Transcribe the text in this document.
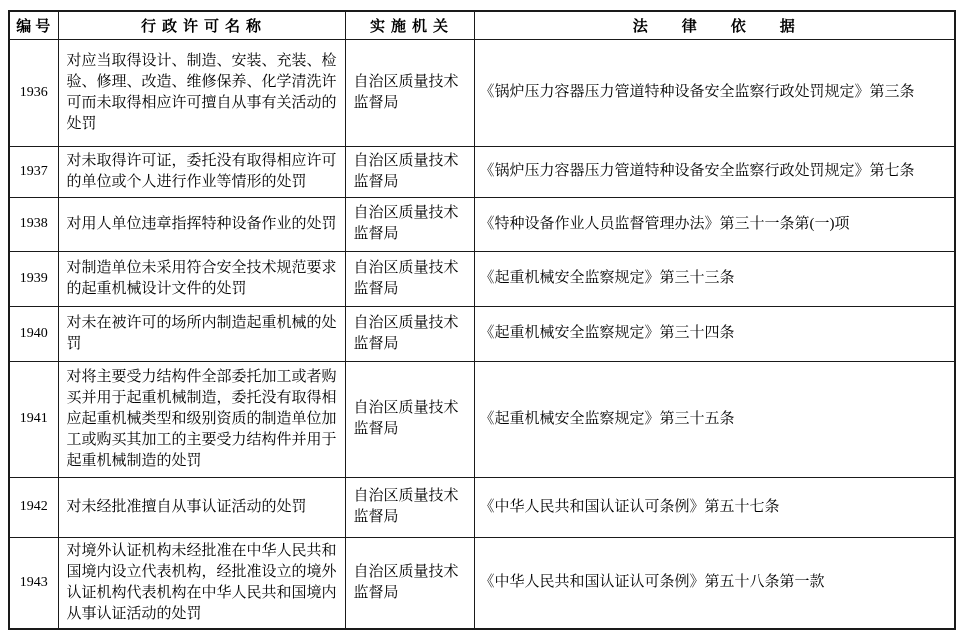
编号	行政许可名称	实施机关	法律依据
1936	对应当取得设计、制造、安装、充装、检验、修理、改造、维修保养、化学清洗许可而未取得相应许可擅自从事有关活动的处罚	自治区质量技术监督局	《锅炉压力容器压力管道特种设备安全监察行政处罚规定》第三条
1937	对未取得许可证，委托没有取得相应许可的单位或个人进行作业等情形的处罚	自治区质量技术监督局	《锅炉压力容器压力管道特种设备安全监察行政处罚规定》第七条
1938	对用人单位违章指挥特种设备作业的处罚	自治区质量技术监督局	《特种设备作业人员监督管理办法》第三十一条第(一)项
1939	对制造单位未采用符合安全技术规范要求的起重机械设计文件的处罚	自治区质量技术监督局	《起重机械安全监察规定》第三十三条
1940	对未在被许可的场所内制造起重机械的处罚	自治区质量技术监督局	《起重机械安全监察规定》第三十四条
1941	对将主要受力结构件全部委托加工或者购买并用于起重机械制造，委托没有取得相应起重机械类型和级别资质的制造单位加工或购买其加工的主要受力结构件并用于起重机械制造的处罚	自治区质量技术监督局	《起重机械安全监察规定》第三十五条
1942	对未经批准擅自从事认证活动的处罚	自治区质量技术监督局	《中华人民共和国认证认可条例》第五十七条
1943	对境外认证机构未经批准在中华人民共和国境内设立代表机构，经批准设立的境外认证机构代表机构在中华人民共和国境内从事认证活动的处罚	自治区质量技术监督局	《中华人民共和国认证认可条例》第五十八条第一款
